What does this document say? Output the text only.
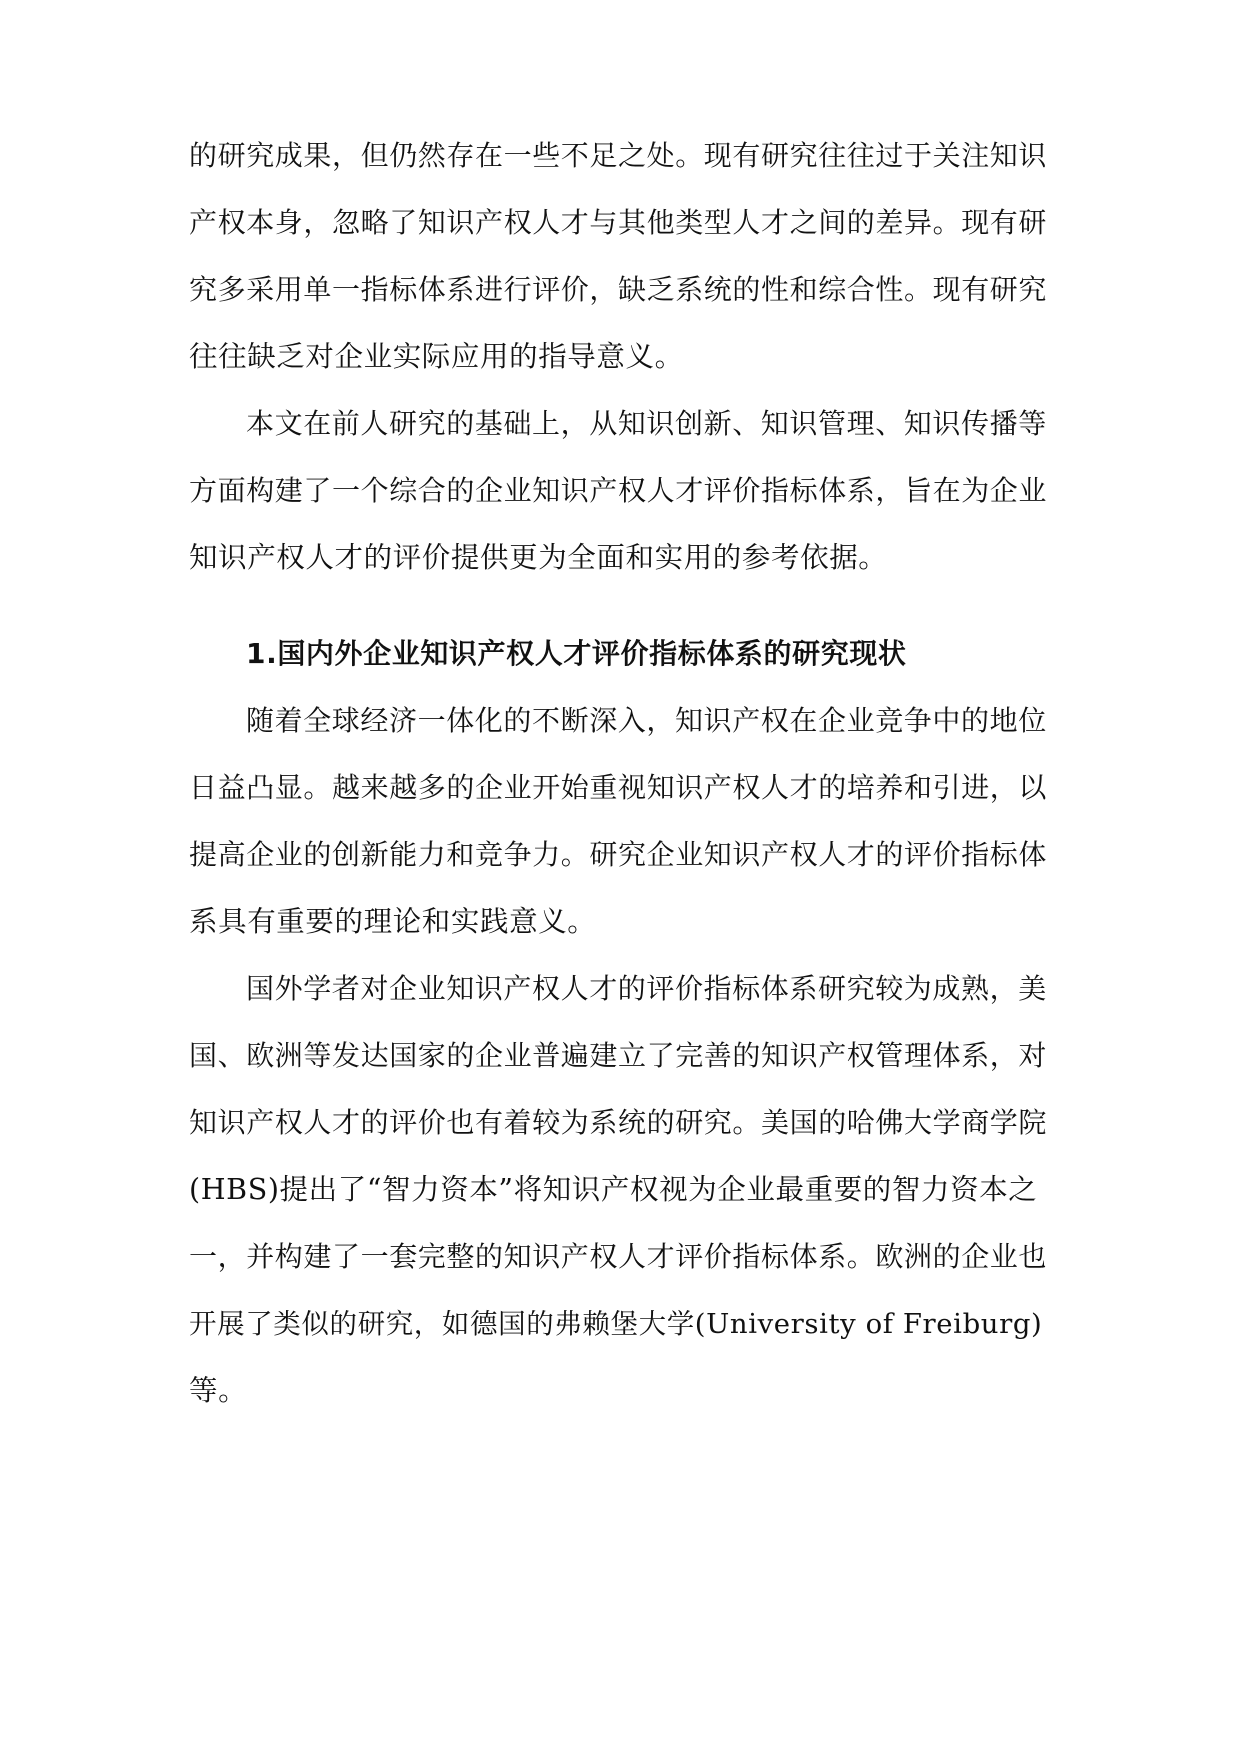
的研究成果，但仍然存在一些不足之处。现有研究往往过于关注知识
产权本身，忽略了知识产权人才与其他类型人才之间的差异。现有研
究多采用单一指标体系进行评价，缺乏系统的性和综合性。现有研究
往往缺乏对企业实际应用的指导意义。
本文在前人研究的基础上，从知识创新、知识管理、知识传播等
方面构建了一个综合的企业知识产权人才评价指标体系，旨在为企业
知识产权人才的评价提供更为全面和实用的参考依据。
1.国内外企业知识产权人才评价指标体系的研究现状
随着全球经济一体化的不断深入，知识产权在企业竞争中的地位
日益凸显。越来越多的企业开始重视知识产权人才的培养和引进，以
提高企业的创新能力和竞争力。研究企业知识产权人才的评价指标体
系具有重要的理论和实践意义。
国外学者对企业知识产权人才的评价指标体系研究较为成熟，美
国、欧洲等发达国家的企业普遍建立了完善的知识产权管理体系，对
知识产权人才的评价也有着较为系统的研究。美国的哈佛大学商学院
(HBS)提出了“智力资本”将知识产权视为企业最重要的智力资本之
一，并构建了一套完整的知识产权人才评价指标体系。欧洲的企业也
开展了类似的研究，如德国的弗赖堡大学(University of Freiburg)
等。
